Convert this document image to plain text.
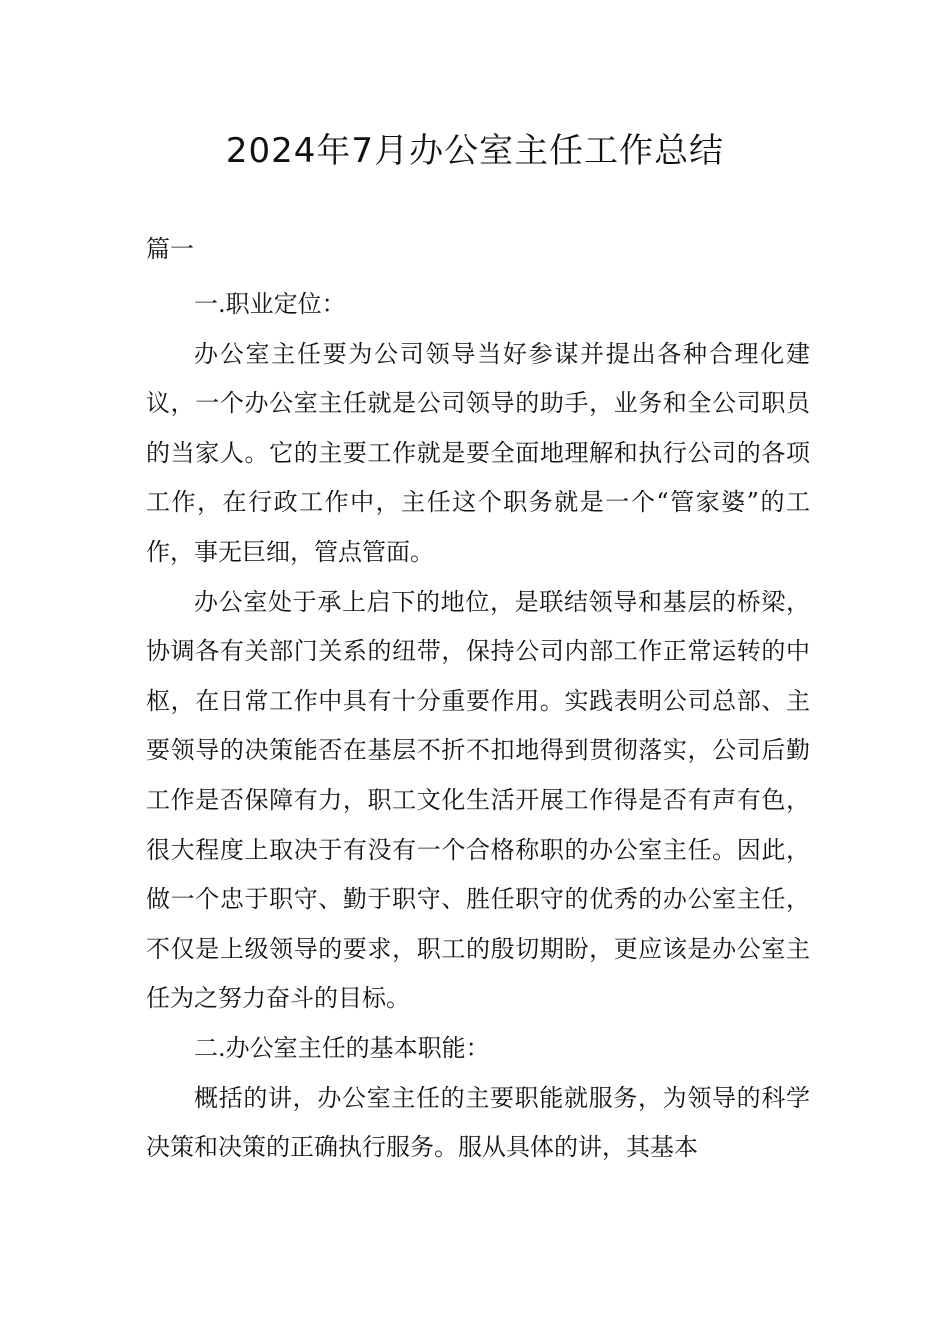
2024年7月办公室主任工作总结
篇一

一.职业定位：

办公室主任要为公司领导当好参谋并提出各种合理化建议，一个办公室主任就是公司领导的助手，业务和全公司职员的当家人。它的主要工作就是要全面地理解和执行公司的各项工作，在行政工作中，主任这个职务就是一个“管家婆”的工作，事无巨细，管点管面。

办公室处于承上启下的地位，是联结领导和基层的桥梁，协调各有关部门关系的纽带，保持公司内部工作正常运转的中枢，在日常工作中具有十分重要作用。实践表明公司总部、主要领导的决策能否在基层不折不扣地得到贯彻落实，公司后勤工作是否保障有力，职工文化生活开展工作得是否有声有色，很大程度上取决于有没有一个合格称职的办公室主任。因此，做一个忠于职守、勤于职守、胜任职守的优秀的办公室主任，不仅是上级领导的要求，职工的殷切期盼，更应该是办公室主任为之努力奋斗的目标。

二.办公室主任的基本职能：

概括的讲，办公室主任的主要职能就服务，为领导的科学决策和决策的正确执行服务。服从具体的讲，其基本
